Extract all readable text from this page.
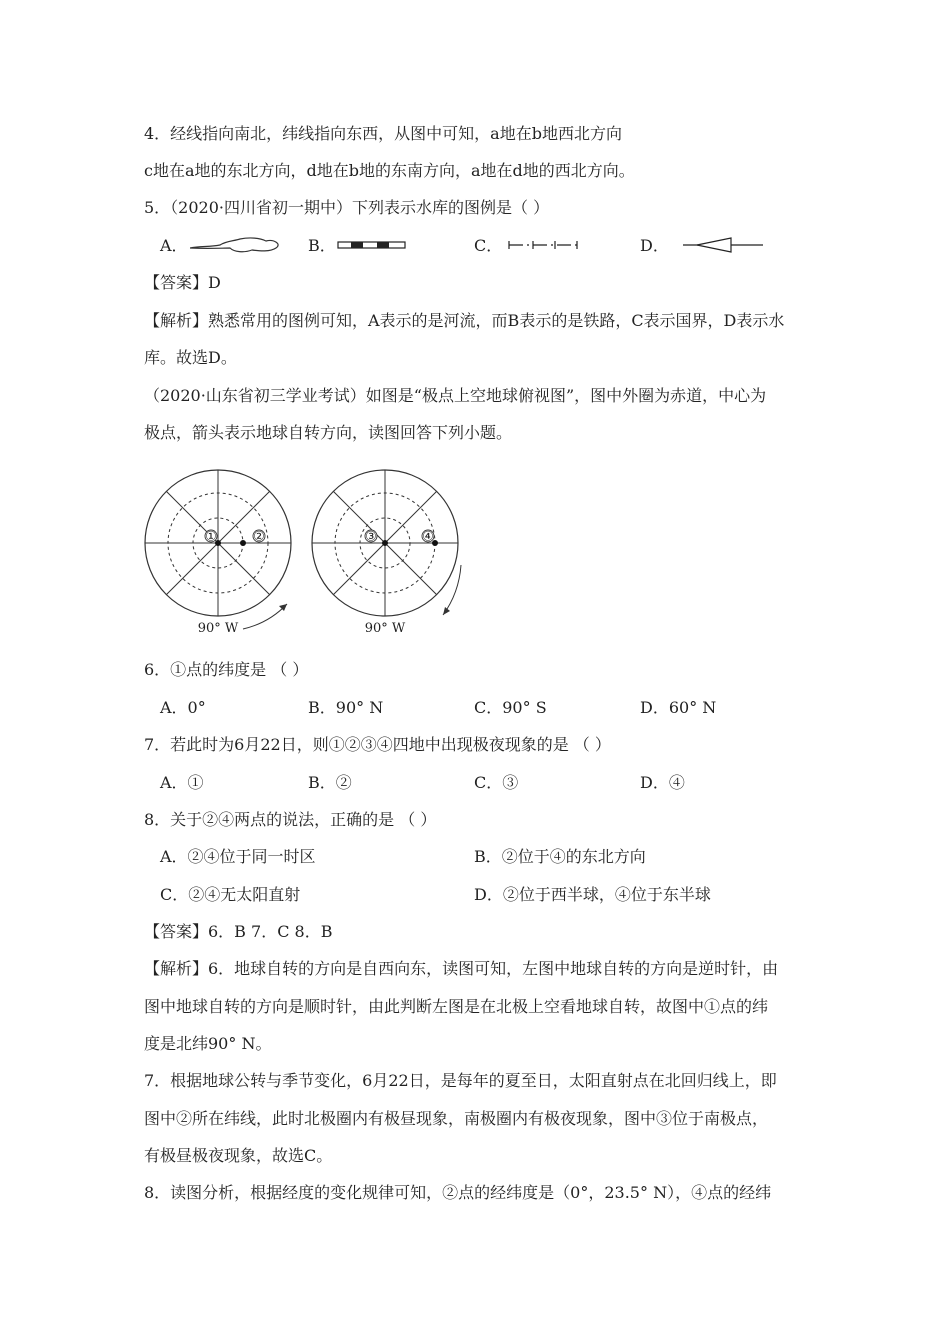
4．经线指向南北，纬线指向东西，从图中可知，a地在b地西北方向
c地在a地的东北方向，d地在b地的东南方向，a地在d地的西北方向。
5．（2020·四川省初一期中）下列表示水库的图例是（ ）
A．	B．	C．	D．
【答案】D
【解析】熟悉常用的图例可知，A表示的是河流，而B表示的是铁路，C表示国界，D表示水
库。故选D。
（2020·山东省初三学业考试）如图是“极点上空地球俯视图”，图中外圈为赤道，中心为
极点，箭头表示地球自转方向，读图回答下列小题。
①	②
90° W
③	④
90° W
6．①点的纬度是 （ ）
A．0°	B．90° N	C．90° S	D．60° N
7．若此时为6月22日，则①②③④四地中出现极夜现象的是 （ ）
A．①	B．②	C．③	D．④
8．关于②④两点的说法，正确的是 （ ）
A．②④位于同一时区	B．②位于④的东北方向
C．②④无太阳直射	D．②位于西半球，④位于东半球
【答案】6．B 7．C 8．B
【解析】6．地球自转的方向是自西向东，读图可知，左图中地球自转的方向是逆时针，由
图中地球自转的方向是顺时针，由此判断左图是在北极上空看地球自转，故图中①点的纬
度是北纬90° N。
7．根据地球公转与季节变化，6月22日，是每年的夏至日，太阳直射点在北回归线上，即
图中②所在纬线，此时北极圈内有极昼现象，南极圈内有极夜现象，图中③位于南极点，
有极昼极夜现象，故选C。
8．读图分析，根据经度的变化规律可知，②点的经纬度是（0°，23.5° N），④点的经纬
